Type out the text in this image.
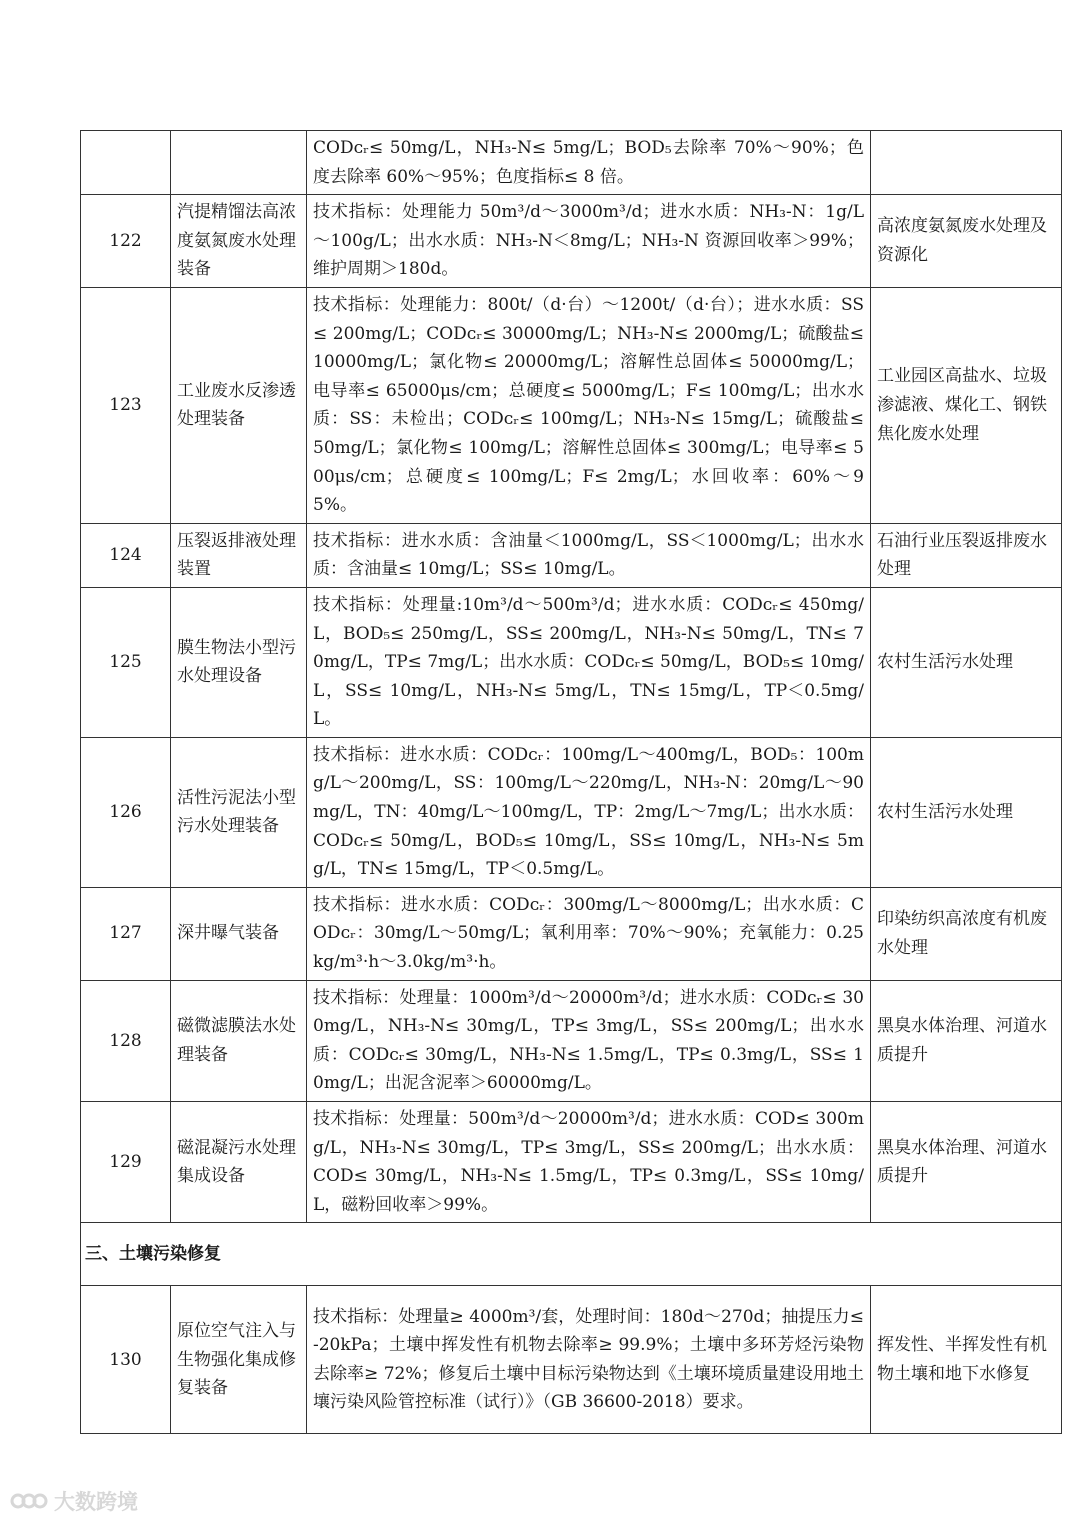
		CODᴄᵣ≤ 50mg/L，NH₃-N≤ 5mg/L；BOD₅去除率 70%～90%；色度去除率 60%～95%；色度指标≤ 8 倍。	
122	汽提精馏法高浓度氨氮废水处理装备	技术指标：处理能力 50m³/d～3000m³/d；进水水质：NH₃-N：1g/L～100g/L；出水水质：NH₃-N＜8mg/L；NH₃-N 资源回收率＞99%；维护周期＞180d。	高浓度氨氮废水处理及资源化
123	工业废水反渗透处理装备	技术指标：处理能力：800t/（d·台）～1200t/（d·台）；进水水质：SS≤ 200mg/L；CODᴄᵣ≤ 30000mg/L；NH₃-N≤ 2000mg/L；硫酸盐≤ 10000mg/L；氯化物≤ 20000mg/L；溶解性总固体≤ 50000mg/L；电导率≤ 65000μs/cm；总硬度≤ 5000mg/L；F≤ 100mg/L；出水水质：SS：未检出；CODᴄᵣ≤ 100mg/L；NH₃-N≤ 15mg/L；硫酸盐≤ 50mg/L；氯化物≤ 100mg/L；溶解性总固体≤ 300mg/L；电导率≤ 500μs/cm；总硬度≤ 100mg/L；F≤ 2mg/L；水回收率：60%～95%。	工业园区高盐水、垃圾渗滤液、煤化工、钢铁焦化废水处理
124	压裂返排液处理装置	技术指标：进水水质：含油量＜1000mg/L，SS＜1000mg/L；出水水质：含油量≤ 10mg/L；SS≤ 10mg/L。	石油行业压裂返排废水处理
125	膜生物法小型污水处理设备	技术指标：处理量:10m³/d～500m³/d；进水水质：CODᴄᵣ≤ 450mg/L，BOD₅≤ 250mg/L，SS≤ 200mg/L，NH₃-N≤ 50mg/L，TN≤ 70mg/L，TP≤ 7mg/L；出水水质：CODᴄᵣ≤ 50mg/L，BOD₅≤ 10mg/L，SS≤ 10mg/L，NH₃-N≤ 5mg/L，TN≤ 15mg/L，TP＜0.5mg/L。	农村生活污水处理
126	活性污泥法小型污水处理装备	技术指标：进水水质：CODᴄᵣ：100mg/L～400mg/L，BOD₅：100mg/L～200mg/L，SS：100mg/L～220mg/L，NH₃-N：20mg/L～90mg/L，TN：40mg/L～100mg/L，TP：2mg/L～7mg/L；出水水质：CODᴄᵣ≤ 50mg/L，BOD₅≤ 10mg/L，SS≤ 10mg/L，NH₃-N≤ 5mg/L，TN≤ 15mg/L，TP＜0.5mg/L。	农村生活污水处理
127	深井曝气装备	技术指标：进水水质：CODᴄᵣ：300mg/L～8000mg/L；出水水质：CODᴄᵣ：30mg/L～50mg/L；氧利用率：70%～90%；充氧能力：0.25kg/m³·h～3.0kg/m³·h。	印染纺织高浓度有机废水处理
128	磁微滤膜法水处理装备	技术指标：处理量：1000m³/d～20000m³/d；进水水质：CODᴄᵣ≤ 300mg/L，NH₃-N≤ 30mg/L，TP≤ 3mg/L，SS≤ 200mg/L；出水水质：CODᴄᵣ≤ 30mg/L，NH₃-N≤ 1.5mg/L，TP≤ 0.3mg/L，SS≤ 10mg/L；出泥含泥率＞60000mg/L。	黑臭水体治理、河道水质提升
129	磁混凝污水处理集成设备	技术指标：处理量：500m³/d～20000m³/d；进水水质：COD≤ 300mg/L，NH₃-N≤ 30mg/L，TP≤ 3mg/L，SS≤ 200mg/L；出水水质：COD≤ 30mg/L，NH₃-N≤ 1.5mg/L，TP≤ 0.3mg/L，SS≤ 10mg/L，磁粉回收率＞99%。	黑臭水体治理、河道水质提升
三、土壤污染修复			
130	原位空气注入与生物强化集成修复装备	技术指标：处理量≥ 4000m³/套，处理时间：180d～270d；抽提压力≤ -20kPa；土壤中挥发性有机物去除率≥ 99.9%；土壤中多环芳烃污染物去除率≥ 72%；修复后土壤中目标污染物达到《土壤环境质量建设用地土壤污染风险管控标准（试行）》（GB 36600-2018）要求。	挥发性、半挥发性有机物土壤和地下水修复
大数跨境
